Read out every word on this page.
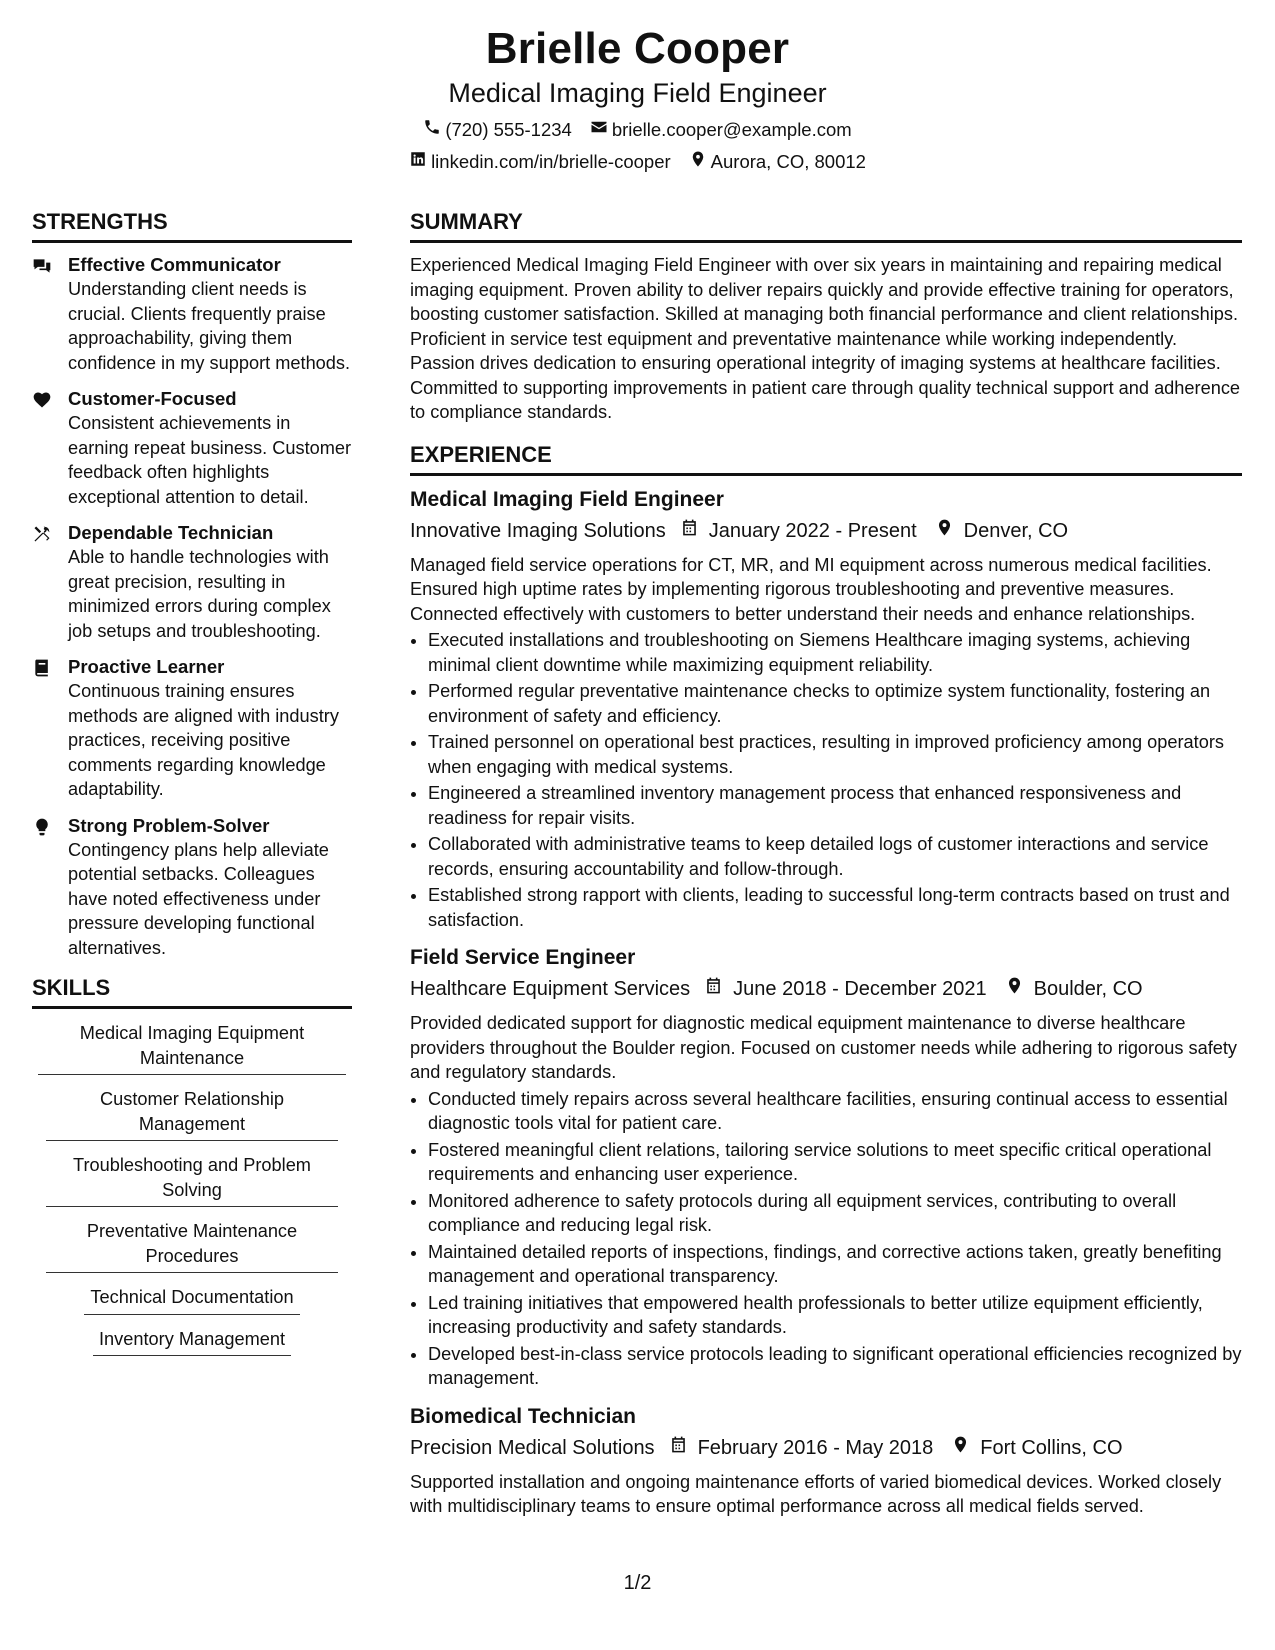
Brielle Cooper
Medical Imaging Field Engineer
(720) 555-1234 brielle.cooper@example.com
linkedin.com/in/brielle-cooper Aurora, CO, 80012
STRENGTHS
Effective Communicator
Understanding client needs is crucial. Clients frequently praise approachability, giving them confidence in my support methods.
Customer-Focused
Consistent achievements in earning repeat business. Customer feedback often highlights exceptional attention to detail.
Dependable Technician
Able to handle technologies with great precision, resulting in minimized errors during complex job setups and troubleshooting.
Proactive Learner
Continuous training ensures methods are aligned with industry practices, receiving positive comments regarding knowledge adaptability.
Strong Problem-Solver
Contingency plans help alleviate potential setbacks. Colleagues have noted effectiveness under pressure developing functional alternatives.
SKILLS
Medical Imaging Equipment Maintenance
Customer Relationship Management
Troubleshooting and Problem Solving
Preventative Maintenance Procedures
Technical Documentation
Inventory Management
SUMMARY
Experienced Medical Imaging Field Engineer with over six years in maintaining and repairing medical imaging equipment. Proven ability to deliver repairs quickly and provide effective training for operators, boosting customer satisfaction. Skilled at managing both financial performance and client relationships. Proficient in service test equipment and preventative maintenance while working independently. Passion drives dedication to ensuring operational integrity of imaging systems at healthcare facilities. Committed to supporting improvements in patient care through quality technical support and adherence to compliance standards.
EXPERIENCE
Medical Imaging Field Engineer
Innovative Imaging Solutions January 2022 - Present Denver, CO
Managed field service operations for CT, MR, and MI equipment across numerous medical facilities. Ensured high uptime rates by implementing rigorous troubleshooting and preventive measures. Connected effectively with customers to better understand their needs and enhance relationships.
• Executed installations and troubleshooting on Siemens Healthcare imaging systems, achieving minimal client downtime while maximizing equipment reliability.
• Performed regular preventative maintenance checks to optimize system functionality, fostering an environment of safety and efficiency.
• Trained personnel on operational best practices, resulting in improved proficiency among operators when engaging with medical systems.
• Engineered a streamlined inventory management process that enhanced responsiveness and readiness for repair visits.
• Collaborated with administrative teams to keep detailed logs of customer interactions and service records, ensuring accountability and follow-through.
• Established strong rapport with clients, leading to successful long-term contracts based on trust and satisfaction.
Field Service Engineer
Healthcare Equipment Services June 2018 - December 2021 Boulder, CO
Provided dedicated support for diagnostic medical equipment maintenance to diverse healthcare providers throughout the Boulder region. Focused on customer needs while adhering to rigorous safety and regulatory standards.
• Conducted timely repairs across several healthcare facilities, ensuring continual access to essential diagnostic tools vital for patient care.
• Fostered meaningful client relations, tailoring service solutions to meet specific critical operational requirements and enhancing user experience.
• Monitored adherence to safety protocols during all equipment services, contributing to overall compliance and reducing legal risk.
• Maintained detailed reports of inspections, findings, and corrective actions taken, greatly benefiting management and operational transparency.
• Led training initiatives that empowered health professionals to better utilize equipment efficiently, increasing productivity and safety standards.
• Developed best-in-class service protocols leading to significant operational efficiencies recognized by management.
Biomedical Technician
Precision Medical Solutions February 2016 - May 2018 Fort Collins, CO
Supported installation and ongoing maintenance efforts of varied biomedical devices. Worked closely with multidisciplinary teams to ensure optimal performance across all medical fields served.
1/2
